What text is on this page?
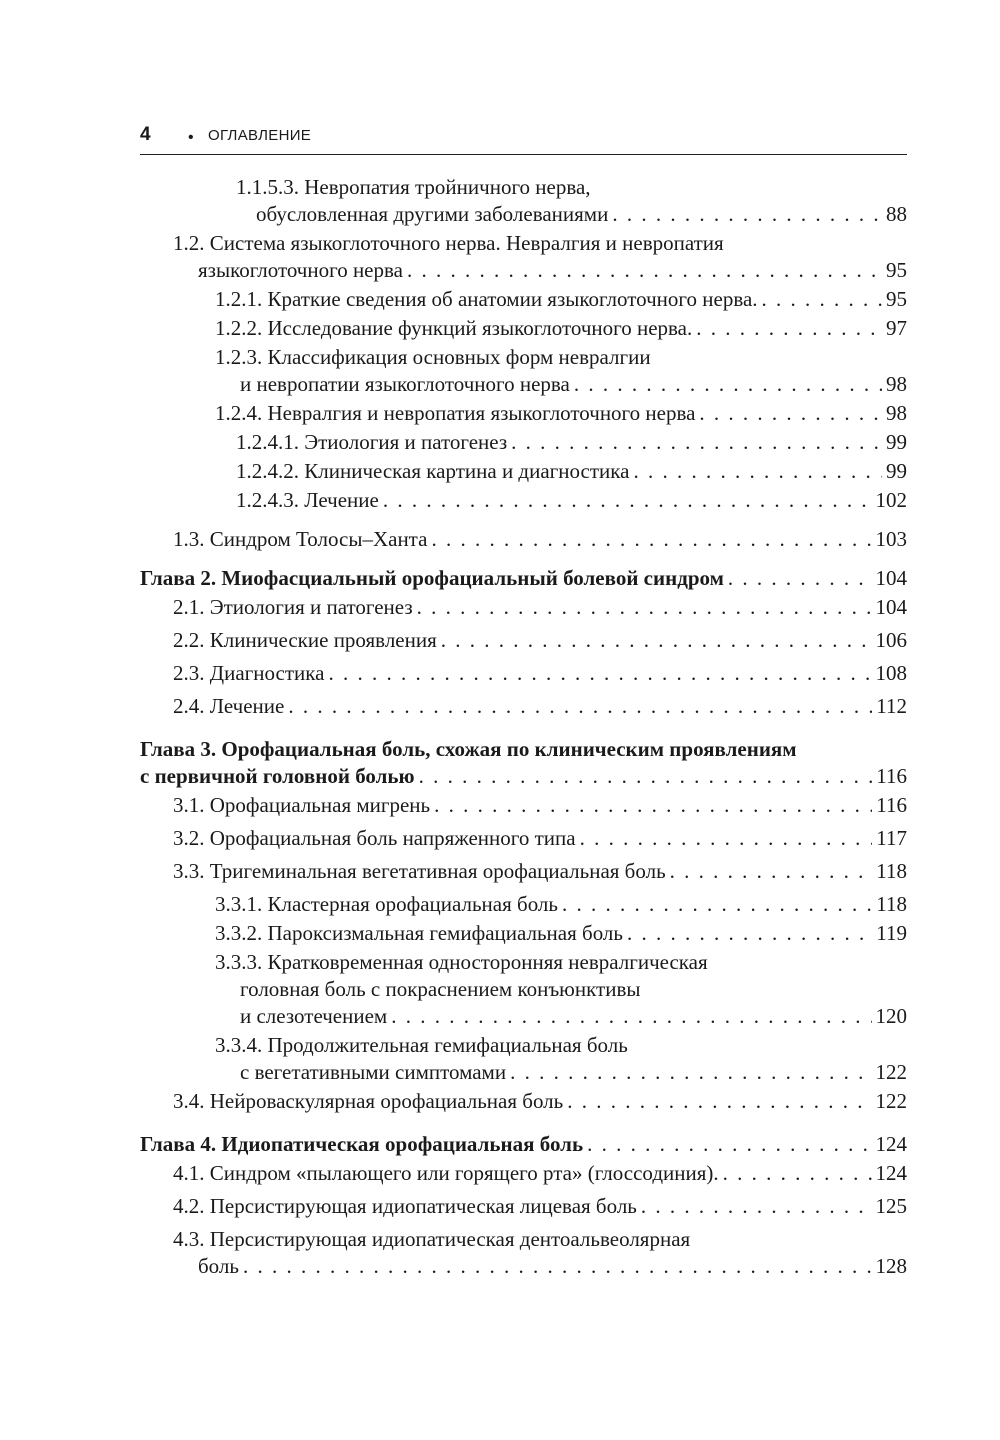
4 • ОГЛАВЛЕНИЕ
1.1.5.3. Невропатия тройничного нерва,
обусловленная другими заболеваниями . . .	88
1.2. Система языкоглоточного нерва. Невралгия и невропатия
языкоглоточного нерва . . .	95
1.2.1. Краткие сведения об анатомии языкоглоточного нерва. . . .	95
1.2.2. Исследование функций языкоглоточного нерва. . . .	97
1.2.3. Классификация основных форм невралгии
и невропатии языкоглоточного нерва . . .	98
1.2.4. Невралгия и невропатия языкоглоточного нерва . . .	98
1.2.4.1. Этиология и патогенез . . .	99
1.2.4.2. Клиническая картина и диагностика . . .	99
1.2.4.3. Лечение . . .	102
1.3. Синдром Толосы–Ханта . . .	103
Глава 2. Миофасциальный орофациальный болевой синдром . . .	104
2.1. Этиология и патогенез . . .	104
2.2. Клинические проявления . . .	106
2.3. Диагностика . . .	108
2.4. Лечение . . .	112
Глава 3. Орофациальная боль, схожая по клиническим проявлениям
с первичной головной болью . . .	116
3.1. Орофациальная мигрень . . .	116
3.2. Орофациальная боль напряженного типа . . .	117
3.3. Тригеминальная вегетативная орофациальная боль . . .	118
3.3.1. Кластерная орофациальная боль . . .	118
3.3.2. Пароксизмальная гемифациальная боль . . .	119
3.3.3. Кратковременная односторонняя невралгическая
головная боль с покраснением конъюнктивы
и слезотечением . . .	120
3.3.4. Продолжительная гемифациальная боль
с вегетативными симптомами . . .	122
3.4. Нейроваскулярная орофациальная боль . . .	122
Глава 4. Идиопатическая орофациальная боль . . .	124
4.1. Синдром «пылающего или горящего рта» (глоссодиния). . . .	124
4.2. Персистирующая идиопатическая лицевая боль . . .	125
4.3. Персистирующая идиопатическая дентоальвеолярная
боль . . .	128
